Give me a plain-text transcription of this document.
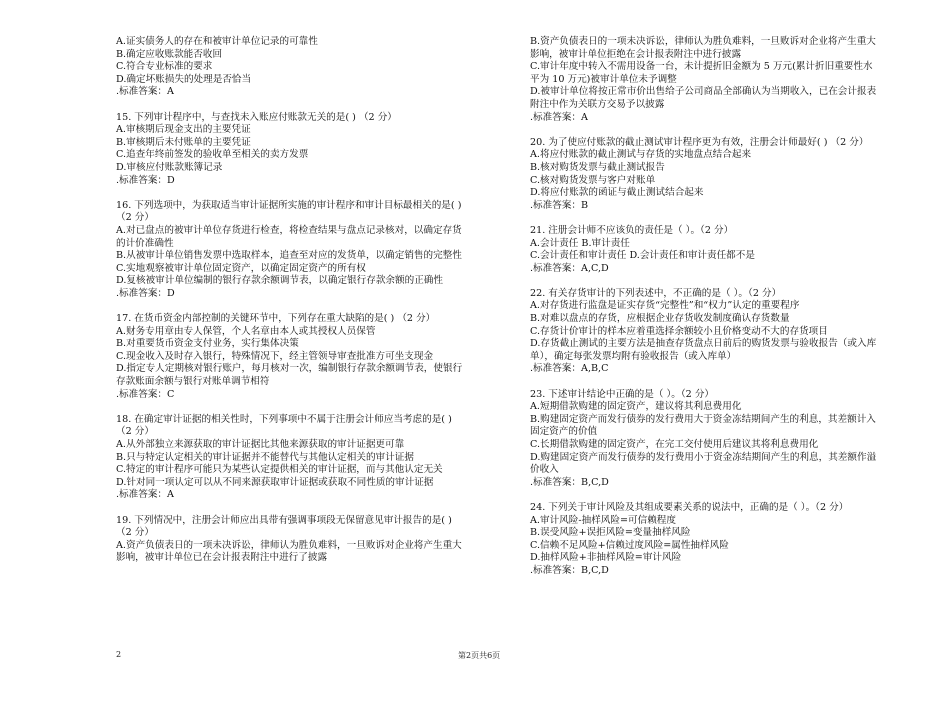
A.证实债务人的存在和被审计单位记录的可靠性
B.确定应收账款能否收回
C.符合专业标准的要求
D.确定坏账损失的处理是否恰当
.标准答案：A
15. 下列审计程序中，与查找未入账应付账款无关的是( ) （2 分）
A.审核期后现金支出的主要凭证
B.审核期后未付账单的主要凭证
C.追查年终前签发的验收单至相关的卖方发票
D.审核应付账款账簿记录
.标准答案：D
16. 下列选项中，为获取适当审计证据所实施的审计程序和审计目标最相关的是( )
（2 分）
A.对已盘点的被审计单位存货进行检查，将检查结果与盘点记录核对，以确定存货
的计价准确性
B.从被审计单位销售发票中选取样本，追查至对应的发货单，以确定销售的完整性
C.实地观察被审计单位固定资产，以确定固定资产的所有权
D.复核被审计单位编制的银行存款余额调节表，以确定银行存款余额的正确性
.标准答案：D
17. 在货币资金内部控制的关键环节中，下列存在重大缺陷的是( ) （2 分）
A.财务专用章由专人保管，个人名章由本人或其授权人员保管
B.对重要货币资金支付业务，实行集体决策
C.现金收入及时存入银行，特殊情况下，经主管领导审查批准方可坐支现金
D.指定专人定期核对银行账户，每月核对一次，编制银行存款余额调节表，使银行
存款账面余额与银行对账单调节相符
.标准答案：C
18. 在确定审计证据的相关性时，下列事项中不属于注册会计师应当考虑的是( )
（2 分）
A.从外部独立来源获取的审计证据比其他来源获取的审计证据更可靠
B.只与特定认定相关的审计证据并不能替代与其他认定相关的审计证据
C.特定的审计程序可能只为某些认定提供相关的审计证据，而与其他认定无关
D.针对同一项认定可以从不同来源获取审计证据或获取不同性质的审计证据
.标准答案：A
19. 下列情况中，注册会计师应出具带有强调事项段无保留意见审计报告的是( )
（2 分）
A.资产负债表日的一项未决诉讼，律师认为胜负难料，一旦败诉对企业将产生重大
影响，被审计单位已在会计报表附注中进行了披露
B.资产负债表日的一项未决诉讼，律师认为胜负难料，一旦败诉对企业将产生重大
影响，被审计单位拒绝在会计报表附注中进行披露
C.审计年度中转入不需用设备一台，未计提折旧金额为 5 万元(累计折旧重要性水
平为 10 万元)被审计单位未予调整
D.被审计单位将按正常市价出售给子公司商品全部确认为当期收入，已在会计报表
附注中作为关联方交易予以披露
.标准答案：A
20. 为了使应付账款的截止测试审计程序更为有效，注册会计师最好( ) （2 分）
A.将应付账款的截止测试与存货的实地盘点结合起来
B.核对购货发票与截止测试报告
C.核对购货发票与客户对账单
D.将应付账款的函证与截止测试结合起来
.标准答案：B
21. 注册会计师不应该负的责任是（ ）。（2 分）
A.会计责任 B.审计责任
C.会计责任和审计责任 D.会计责任和审计责任都不是
.标准答案：A,C,D
22. 有关存货审计的下列表述中，不正确的是（ ）。（2 分）
A.对存货进行监盘是证实存货“完整性”和“权力”认定的重要程序
B.对难以盘点的存货，应根据企业存货收发制度确认存货数量
C.存货计价审计的样本应着重选择余额较小且价格变动不大的存货项目
D.存货截止测试的主要方法是抽查存货盘点日前后的购货发票与验收报告（或入库
单），确定每张发票均附有验收报告（或入库单）
.标准答案：A,B,C
23. 下述审计结论中正确的是（ ）。（2 分）
A.短期借款购建的固定资产，建议将其利息费用化
B.购建固定资产而发行债券的发行费用大于资金冻结期间产生的利息，其差额计入
固定资产的价值
C.长期借款购建的固定资产，在完工交付使用后建议其将利息费用化
D.购建固定资产而发行债券的发行费用小于资金冻结期间产生的利息，其差额作溢
价收入
.标准答案：B,C,D
24. 下列关于审计风险及其组成要素关系的说法中，正确的是（ ）。（2 分）
A.审计风险-抽样风险=可信赖程度
B.误受风险+误拒风险=变量抽样风险
C.信赖不足风险+信赖过度风险=属性抽样风险
D.抽样风险+非抽样风险=审计风险
.标准答案：B,C,D
2	第2页共6页
